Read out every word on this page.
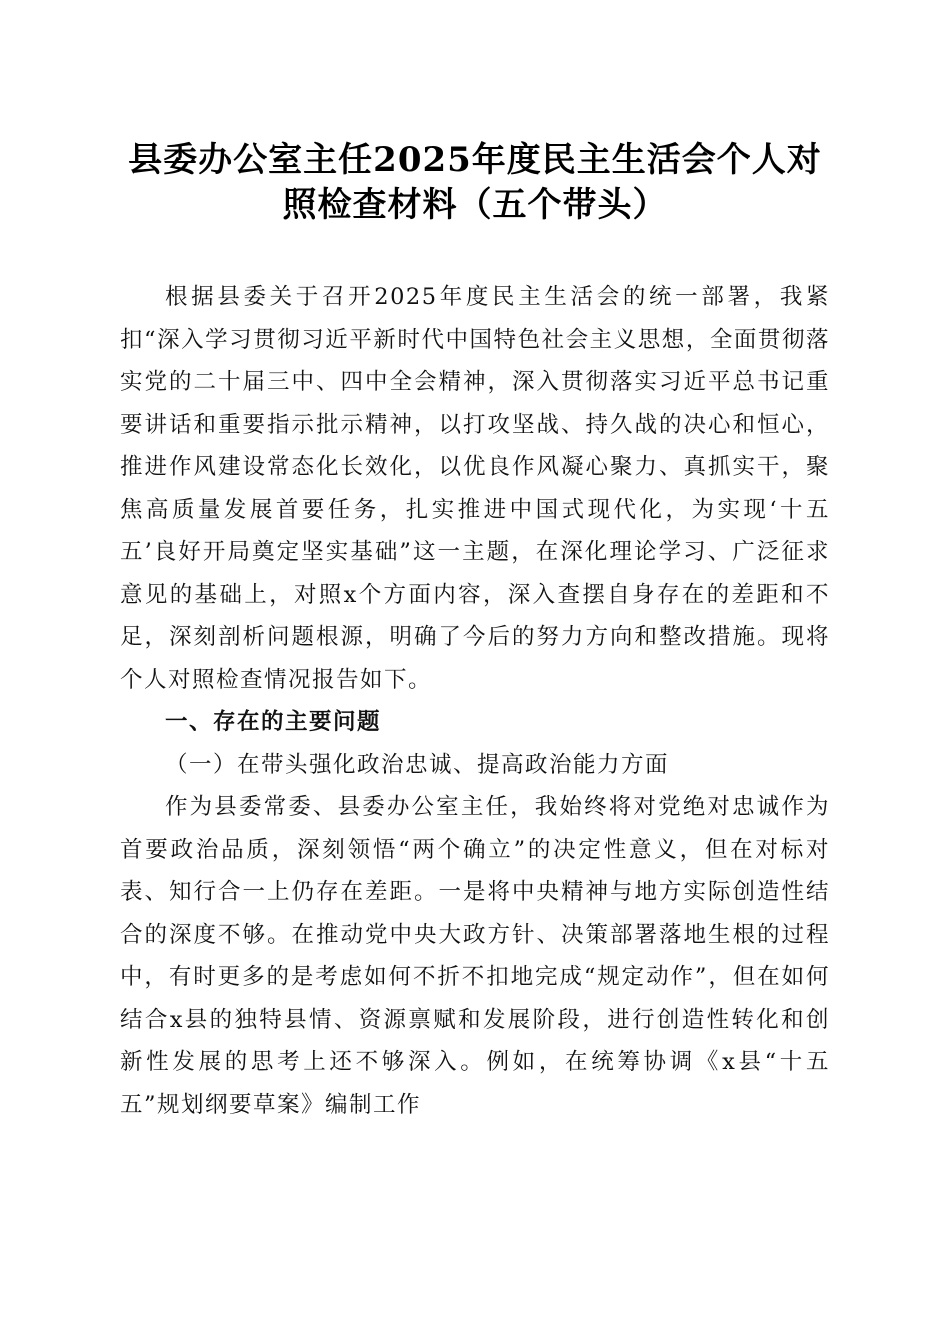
县委办公室主任2025年度民主生活会个人对照检查材料（五个带头）

根据县委关于召开2025年度民主生活会的统一部署，我紧扣“深入学习贯彻习近平新时代中国特色社会主义思想，全面贯彻落实党的二十届三中、四中全会精神，深入贯彻落实习近平总书记重要讲话和重要指示批示精神，以打攻坚战、持久战的决心和恒心，推进作风建设常态化长效化，以优良作风凝心聚力、真抓实干，聚焦高质量发展首要任务，扎实推进中国式现代化，为实现‘十五五’良好开局奠定坚实基础”这一主题，在深化理论学习、广泛征求意见的基础上，对照x个方面内容，深入查摆自身存在的差距和不足，深刻剖析问题根源，明确了今后的努力方向和整改措施。现将个人对照检查情况报告如下。

一、存在的主要问题

（一）在带头强化政治忠诚、提高政治能力方面

作为县委常委、县委办公室主任，我始终将对党绝对忠诚作为首要政治品质，深刻领悟“两个确立”的决定性意义，但在对标对表、知行合一上仍存在差距。一是将中央精神与地方实际创造性结合的深度不够。在推动党中央大政方针、决策部署落地生根的过程中，有时更多的是考虑如何不折不扣地完成“规定动作”，但在如何结合x县的独特县情、资源禀赋和发展阶段，进行创造性转化和创新性发展的思考上还不够深入。例如，在统筹协调《x县“十五五”规划纲要草案》编制工作
